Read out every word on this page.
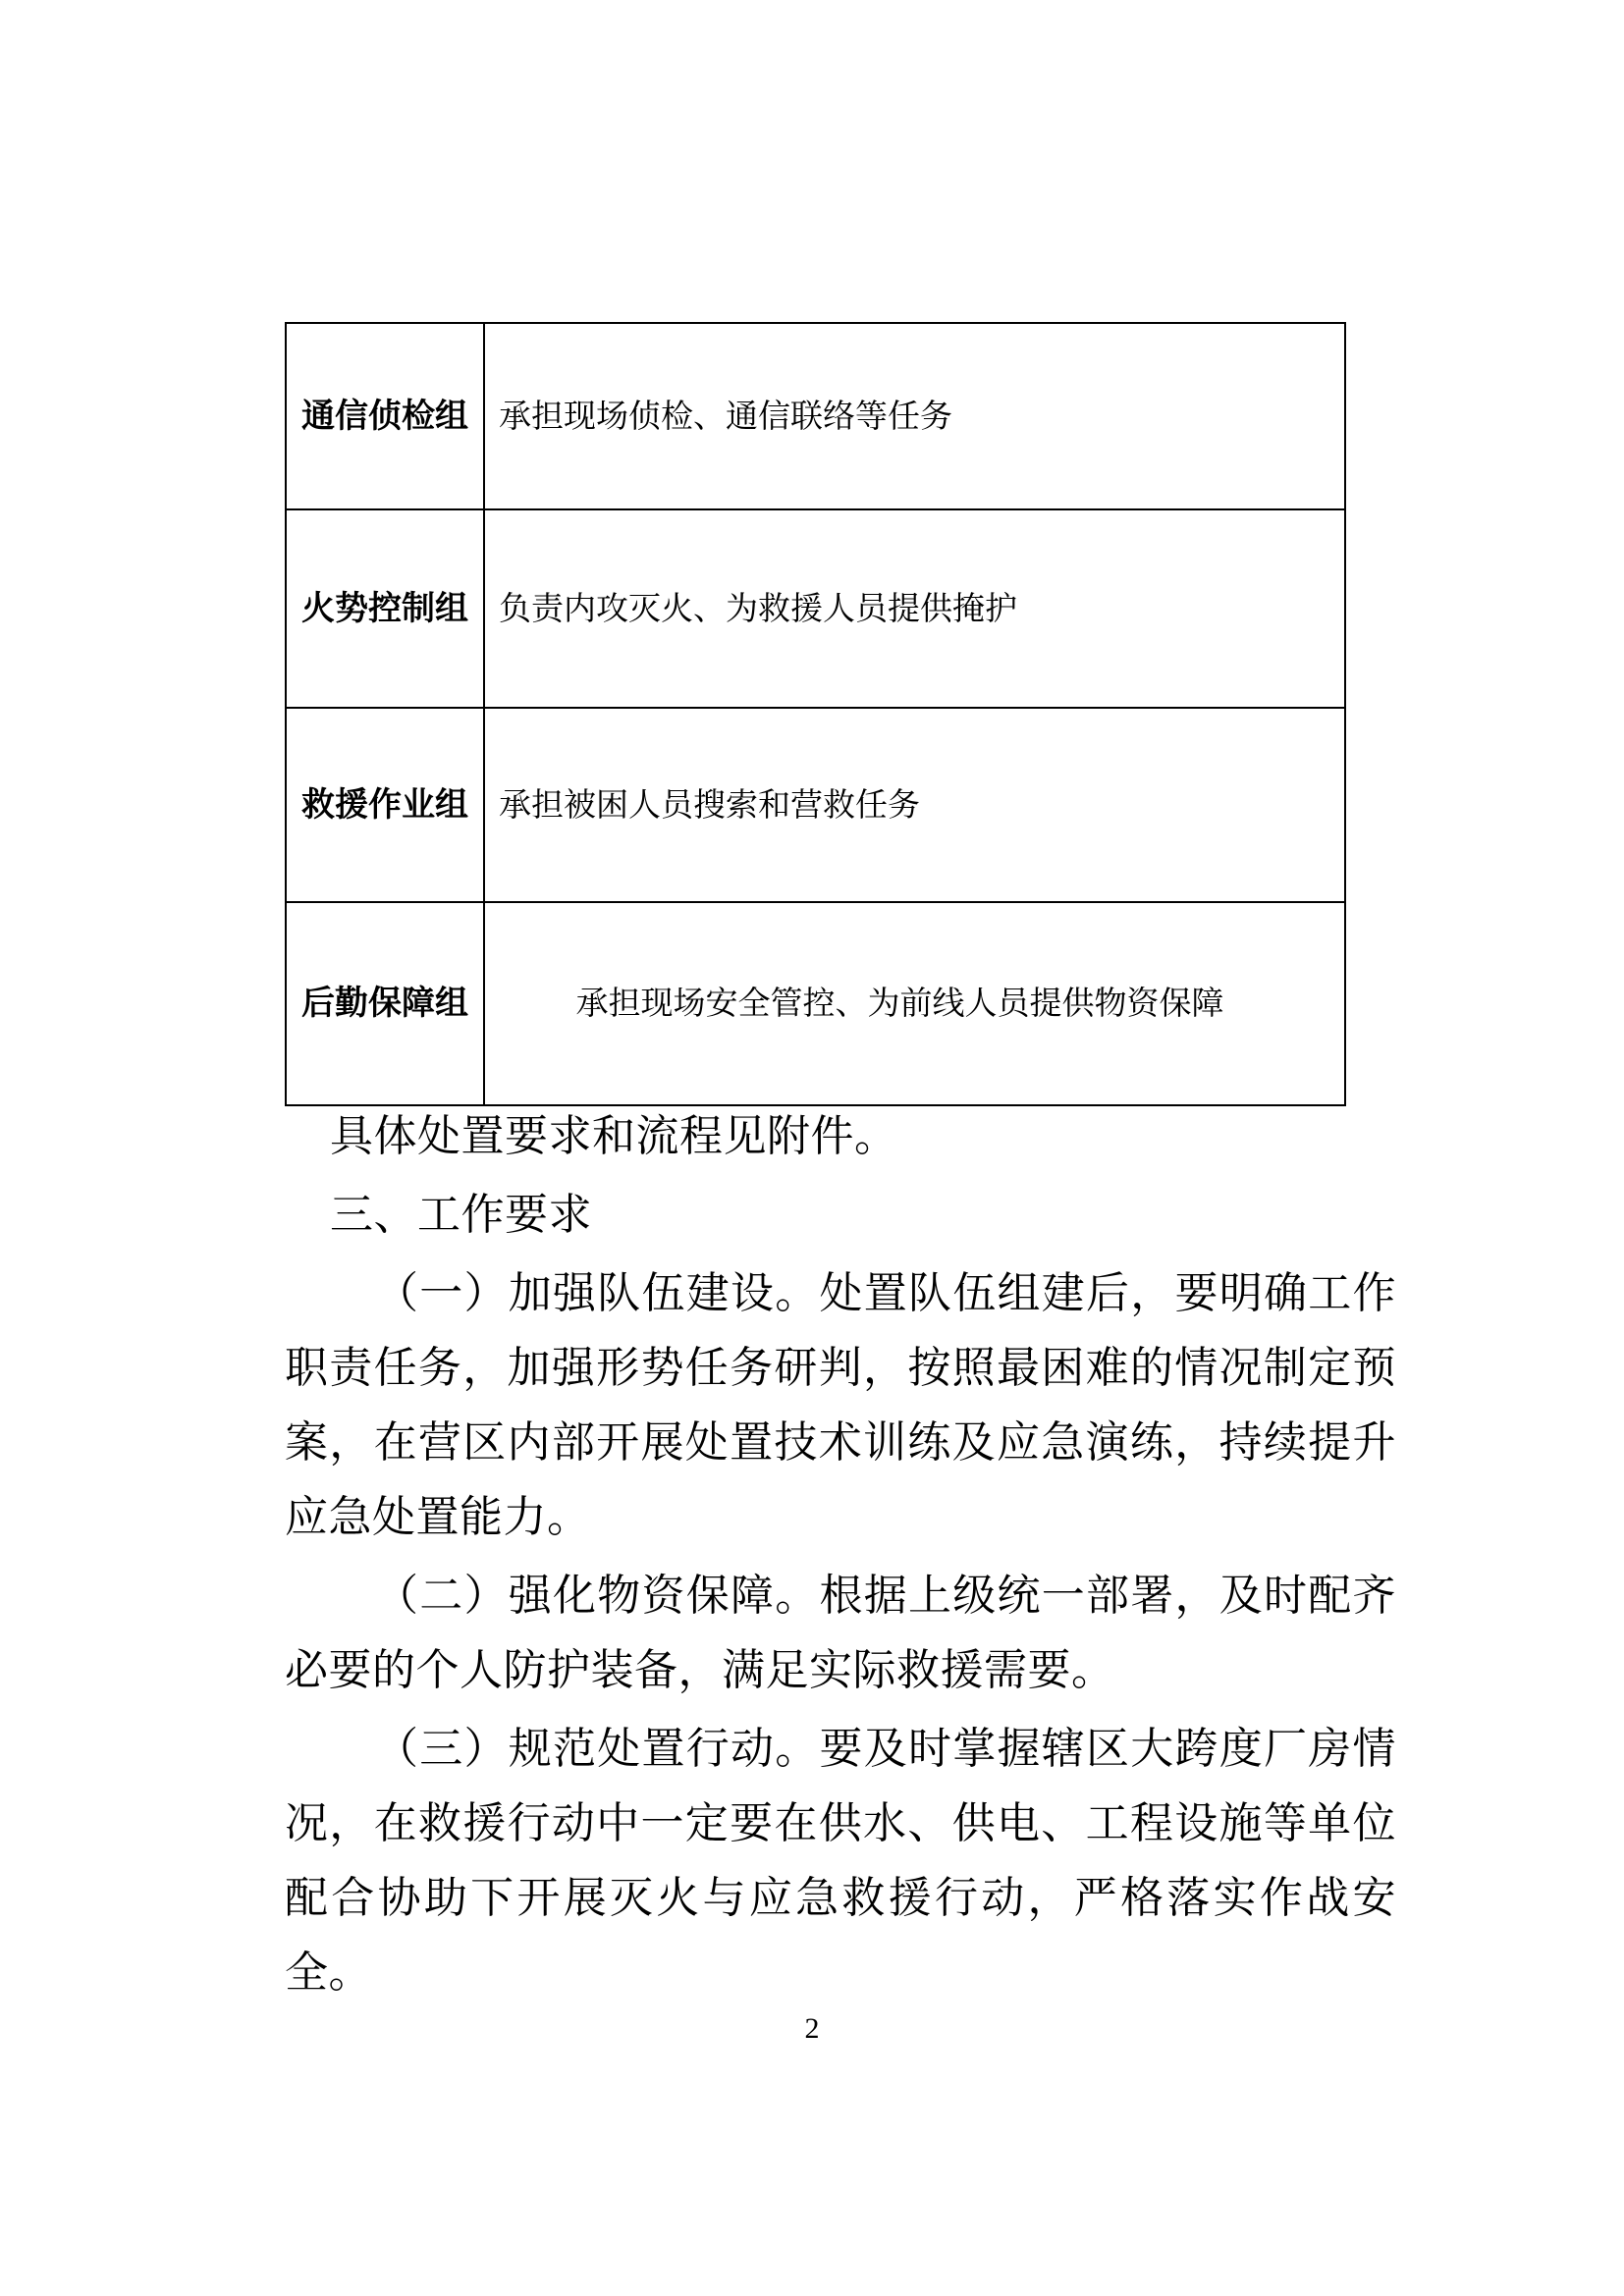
通信侦检组	承担现场侦检、通信联络等任务

火势控制组	负责内攻灭火、为救援人员提供掩护

救援作业组	承担被困人员搜索和营救任务

后勤保障组	承担现场安全管控、为前线人员提供物资保障

具体处置要求和流程见附件。

三、工作要求

（一）加强队伍建设。处置队伍组建后，要明确工作职责任务，加强形势任务研判，按照最困难的情况制定预案，在营区内部开展处置技术训练及应急演练，持续提升应急处置能力。

（二）强化物资保障。根据上级统一部署，及时配齐必要的个人防护装备，满足实际救援需要。

（三）规范处置行动。要及时掌握辖区大跨度厂房情况，在救援行动中一定要在供水、供电、工程设施等单位配合协助下开展灭火与应急救援行动，严格落实作战安全。

2
